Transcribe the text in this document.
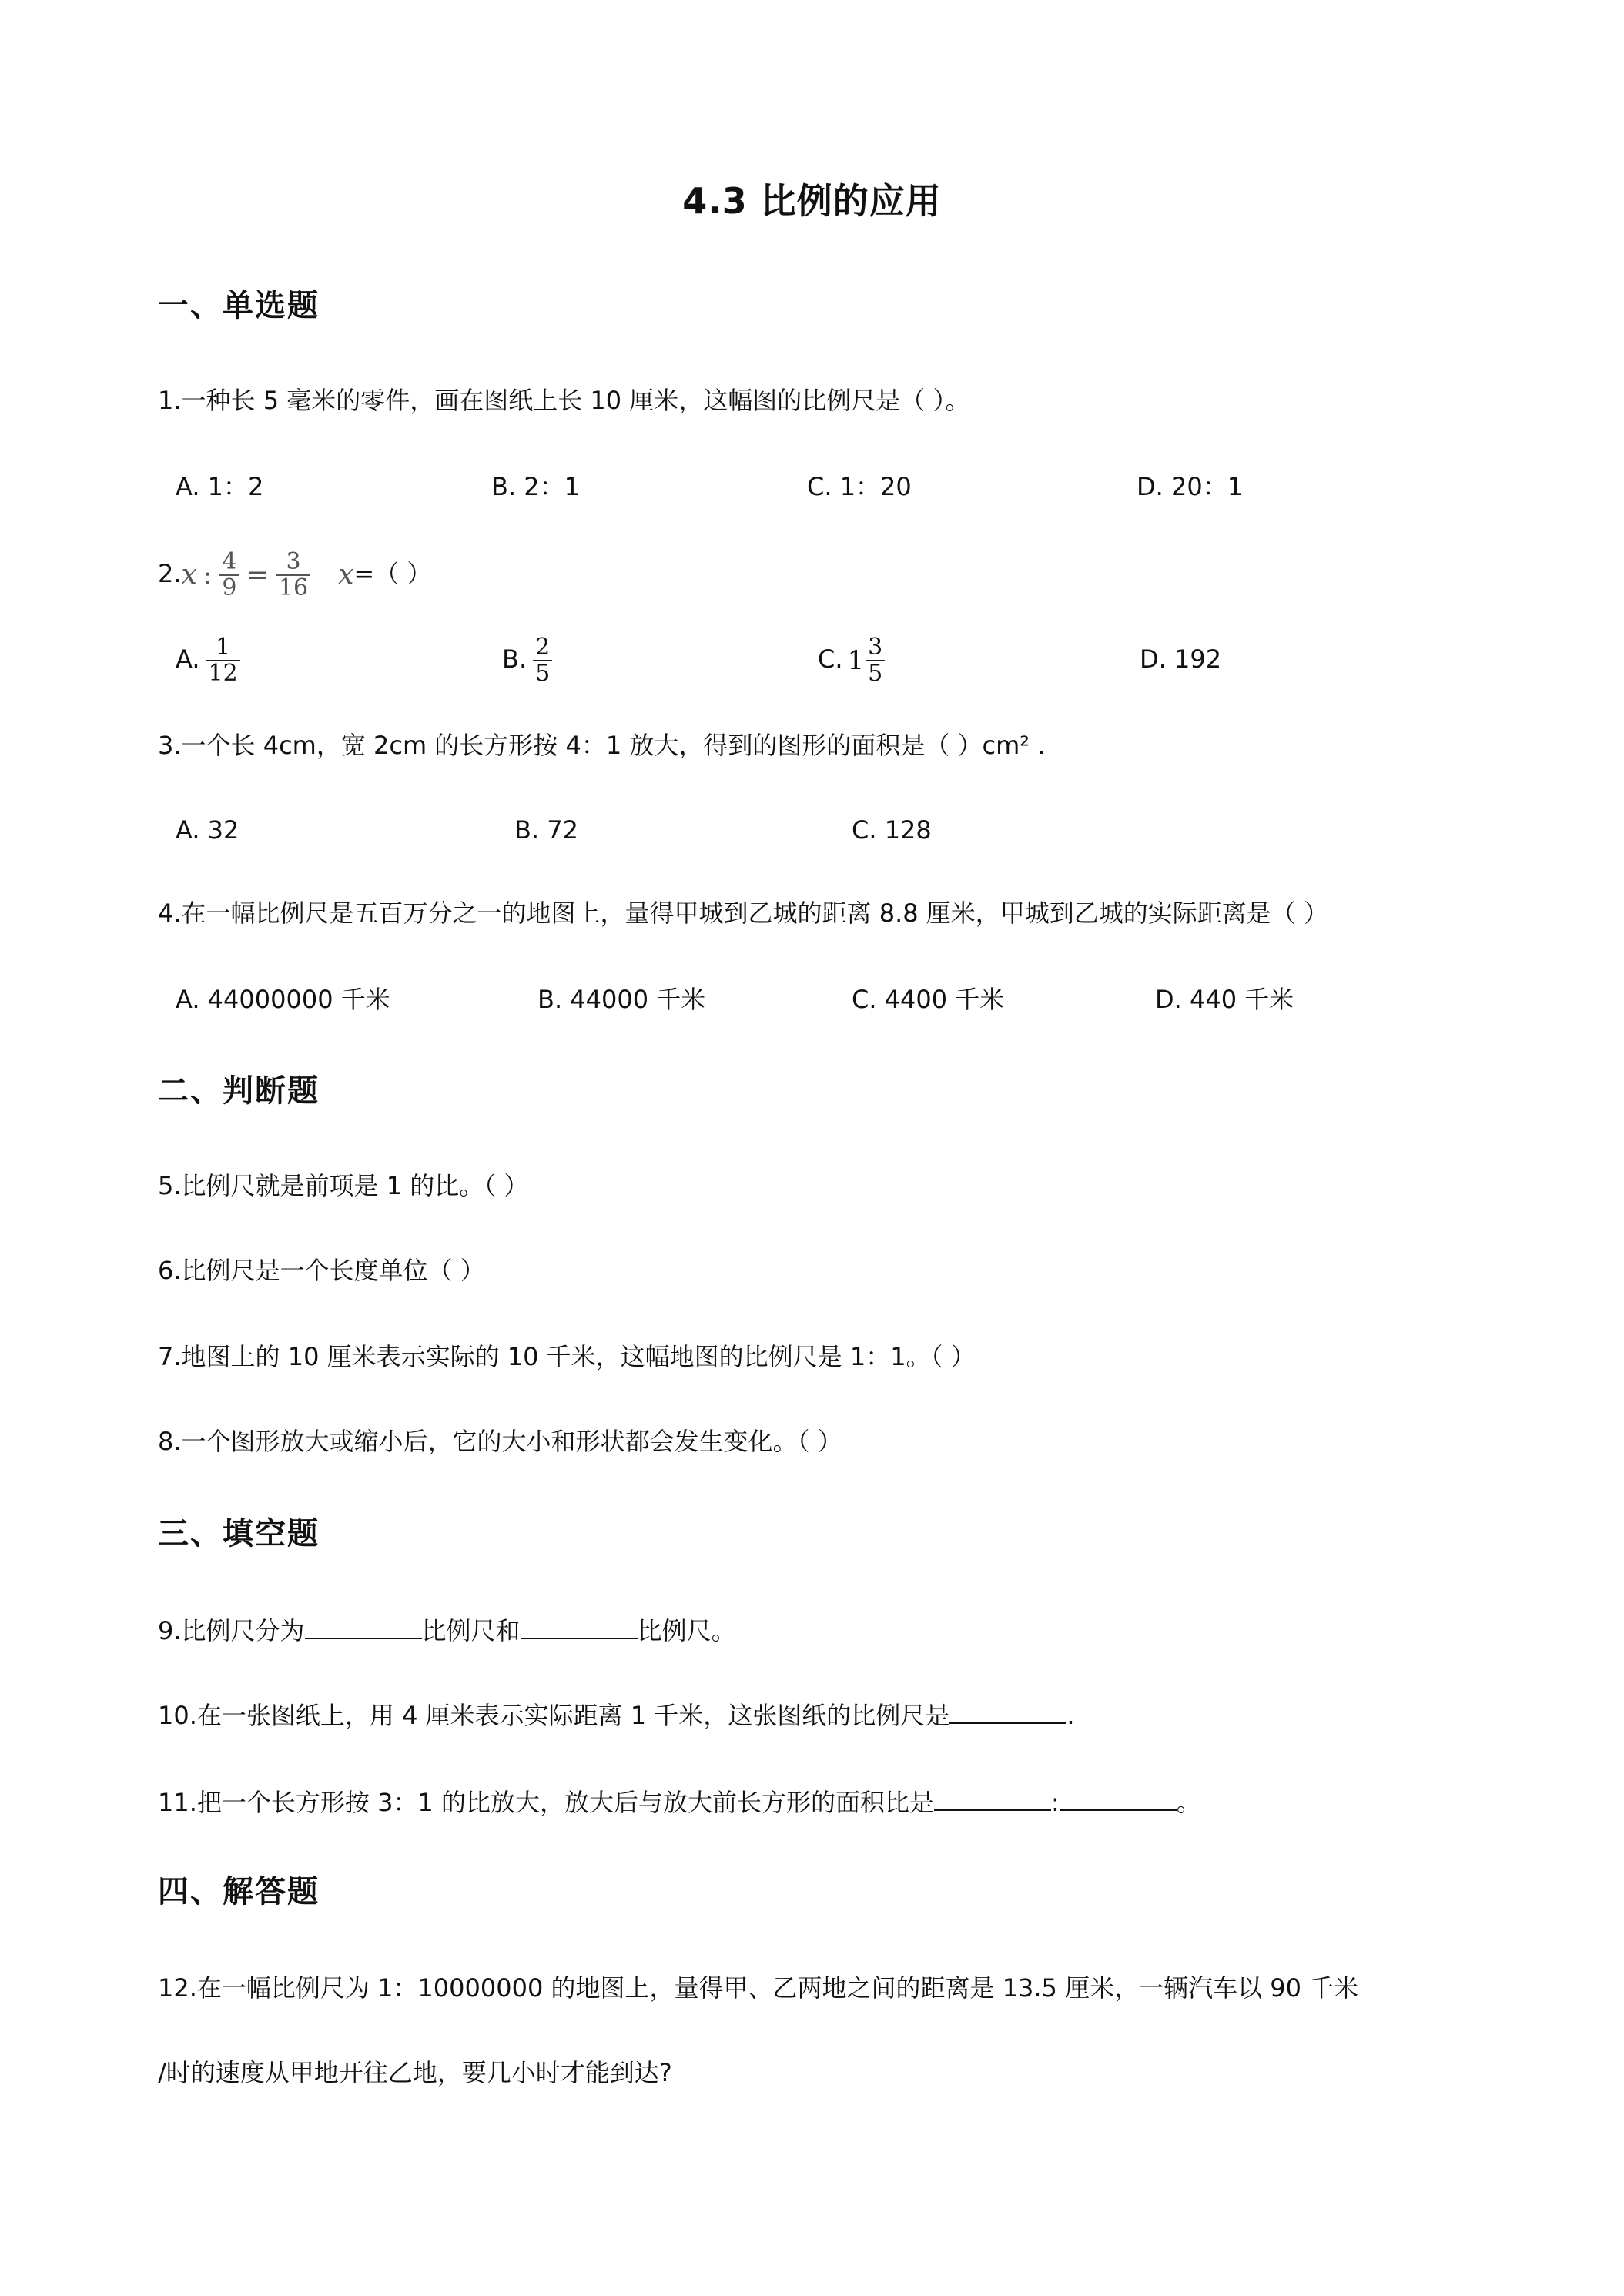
4.3 比例的应用
一、单选题
1.一种长 5 毫米的零件，画在图纸上长 10 厘米，这幅图的比例尺是（ ）。
A. 1：2	B. 2：1	C. 1：20	D. 20：1
2.x : $\frac{4}{9} = \frac{3}{16} x=$（ ）
A. $\frac{1}{12}$	B. $\frac{2}{5}$	C. $1 \frac{3}{5}$	D. 192
3.一个长 4cm，宽 2cm 的长方形按 4：1 放大，得到的图形的面积是（ ）cm² .
A. 32	B. 72	C. 128
4.在一幅比例尺是五百万分之一的地图上，量得甲城到乙城的距离 8.8 厘米，甲城到乙城的实际距离是（ ）
A. 44000000 千米	B. 44000 千米	C. 4400 千米	D. 440 千米
二、判断题
5.比例尺就是前项是 1 的比。（ ）
6.比例尺是一个长度单位（ ）
7.地图上的 10 厘米表示实际的 10 千米，这幅地图的比例尺是 1：1。（ ）
8.一个图形放大或缩小后，它的大小和形状都会发生变化。（ ）
三、填空题
9.比例尺分为	比例尺和	比例尺。
10.在一张图纸上，用 4 厘米表示实际距离 1 千米，这张图纸的比例尺是	.
11.把一个长方形按 3：1 的比放大，放大后与放大前长方形的面积比是	:	。
四、解答题
12.在一幅比例尺为 1：10000000 的地图上，量得甲、乙两地之间的距离是 13.5 厘米，一辆汽车以 90 千米
/时的速度从甲地开往乙地，要几小时才能到达?
